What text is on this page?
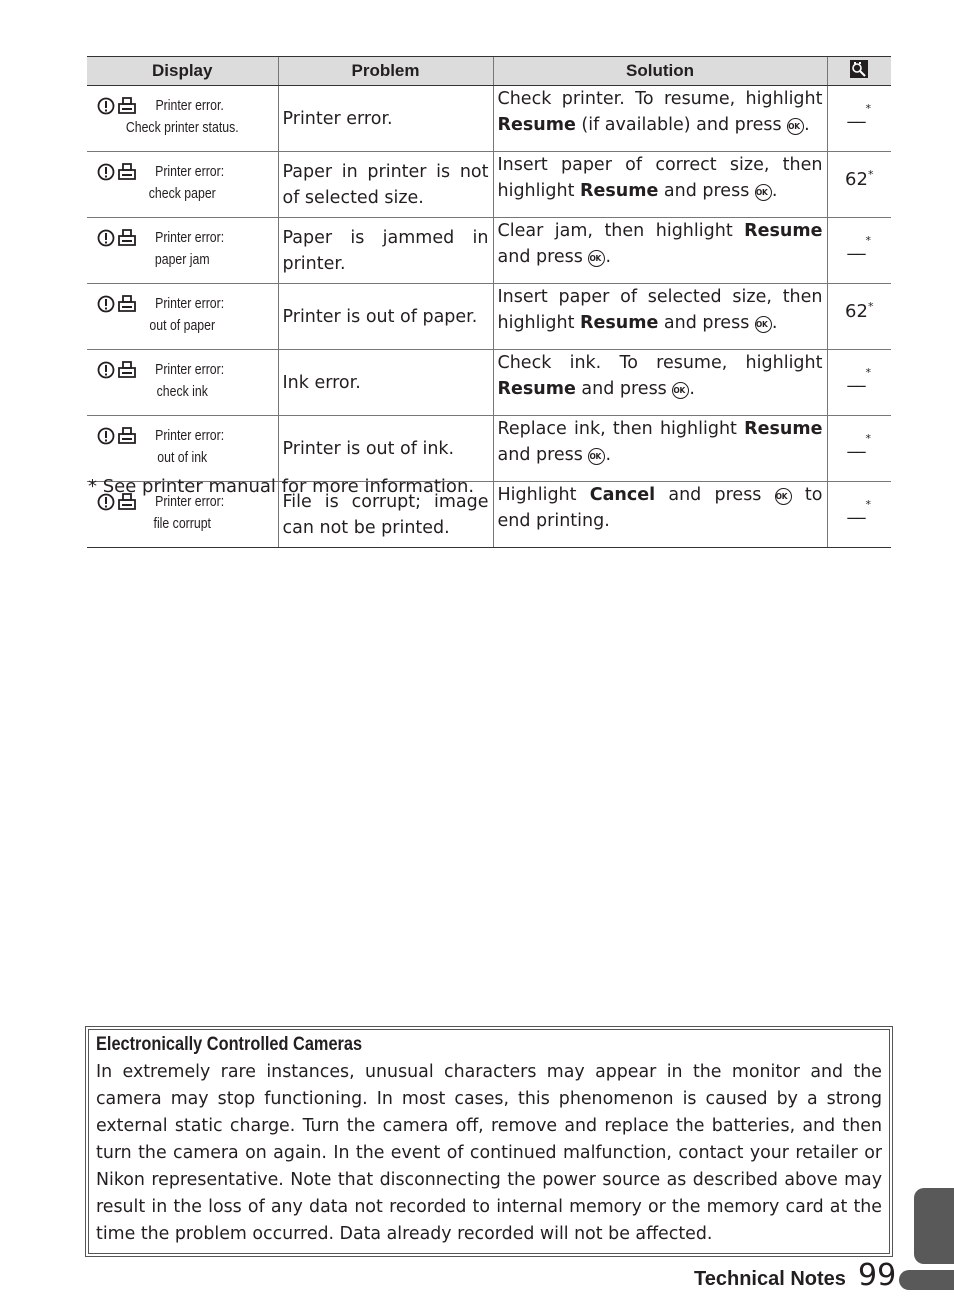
Display	Problem	Solution	

Printer error.
Check printer status.	Printer error.	Check printer. To resume, highlight Resume (if available) and press OK .	__*

Printer error:
check paper	Paper in printer is not of selected size.	Insert paper of correct size, then highlight Resume and press OK .	62*

Printer error:
paper jam	Paper is jammed in printer.	Clear jam, then highlight Resume and press OK .	__*

Printer error:
out of paper	Printer is out of paper.	Insert paper of selected size, then highlight Resume and press OK .	62*

Printer error:
check ink	Ink error.	Check ink. To resume, highlight Resume and press OK .	__*

Printer error:
out of ink	Printer is out of ink.	Replace ink, then highlight Resume and press OK .	__*

Printer error:
file corrupt	File is corrupt; image can not be printed.	Highlight Cancel and press OK to end printing.	__*
* See printer manual for more information.
Electronically Controlled Cameras
In extremely rare instances, unusual characters may appear in the monitor and the camera may stop functioning. In most cases, this phenomenon is caused by a strong external static charge. Turn the camera off, remove and replace the batteries, and then turn the camera on again. In the event of continued malfunction, contact your retailer or Nikon representative. Note that disconnecting the power source as described above may result in the loss of any data not recorded to internal memory or the memory card at the time the problem occurred. Data already recorded will not be affected.
Technical Notes 99
